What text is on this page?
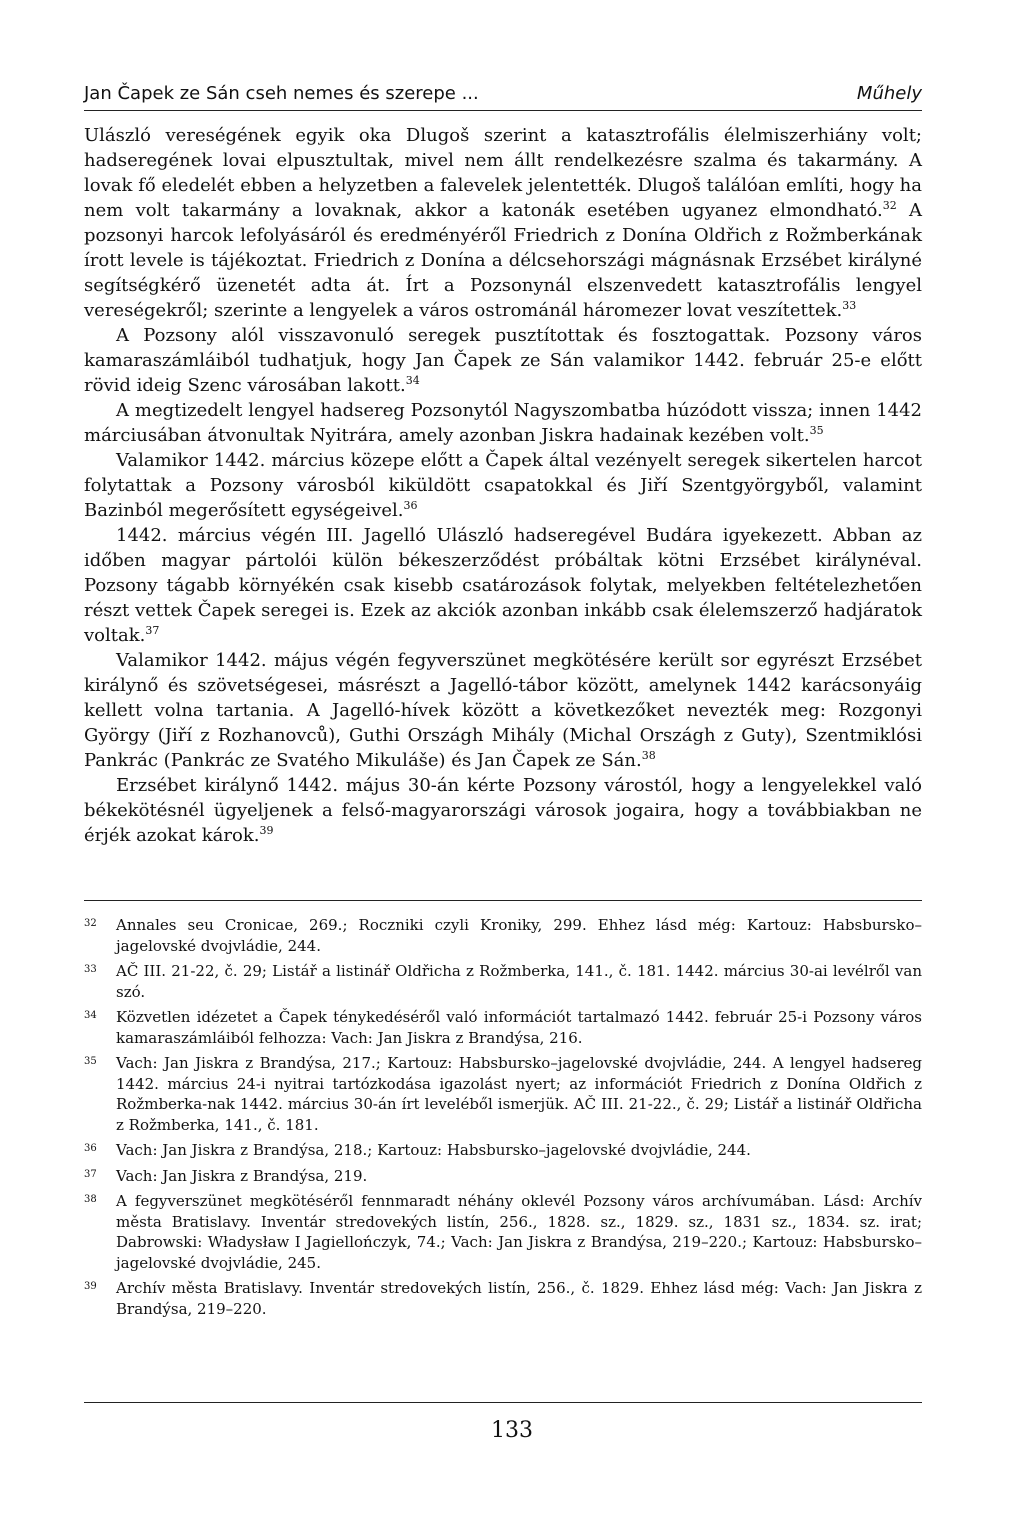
Jan Čapek ze Sán cseh nemes és szerepe ...	Műhely

Ulászló vereségének egyik oka Dlugoš szerint a katasztrofális élelmiszerhiány volt; hadseregének lovai elpusztultak, mivel nem állt rendelkezésre szalma és takarmány. A lovak fő eledelét ebben a helyzetben a falevelek jelentették. Dlugoš találóan említi, hogy ha nem volt takarmány a lovaknak, akkor a katonák esetében ugyanez elmondható.$^{32}$ A pozsonyi harcok lefolyásáról és eredményéről Friedrich z Donína Oldřich z Rožmberkának írott levele is tájékoztat. Friedrich z Donína a délcsehországi mágnásnak Erzsébet királyné segítségkérő üzenetét adta át. Írt a Pozsonynál elszenvedett katasztrofális lengyel vereségekről; szerinte a lengyelek a város ostrománál háromezer lovat veszítettek.$^{33}$

A Pozsony alól visszavonuló seregek pusztítottak és fosztogattak. Pozsony város kamaraszámláiból tudhatjuk, hogy Jan Čapek ze Sán valamikor 1442. február 25-e előtt rövid ideig Szenc városában lakott.$^{34}$

A megtizedelt lengyel hadsereg Pozsonytól Nagyszombatba húzódott vissza; innen 1442 márciusában átvonultak Nyitrára, amely azonban Jiskra hadainak kezében volt.$^{35}$

Valamikor 1442. március közepe előtt a Čapek által vezényelt seregek sikertelen harcot folytattak a Pozsony városból kiküldött csapatokkal és Jiří Szentgyörgyből, valamint Bazinból megerősített egységeivel.$^{36}$

1442. március végén III. Jagelló Ulászló hadseregével Budára igyekezett. Abban az időben magyar pártolói külön békeszerződést próbáltak kötni Erzsébet királynéval. Pozsony tágabb környékén csak kisebb csatározások folytak, melyekben feltételezhetően részt vettek Čapek seregei is. Ezek az akciók azonban inkább csak élelemszerző hadjáratok voltak.$^{37}$

Valamikor 1442. május végén fegyverszünet megkötésére került sor egyrészt Erzsébet királynő és szövetségesei, másrészt a Jagelló-tábor között, amelynek 1442 karácsonyáig kellett volna tartania. A Jagelló-hívek között a következőket nevezték meg: Rozgonyi György (Jiří z Rozhanovců), Guthi Országh Mihály (Michal Országh z Guty), Szentmiklósi Pankrác (Pankrác ze Svatého Mikuláše) és Jan Čapek ze Sán.$^{38}$

Erzsébet királynő 1442. május 30-án kérte Pozsony várostól, hogy a lengyelekkel való békekötésnél ügyeljenek a felső-magyarországi városok jogaira, hogy a továbbiakban ne érjék azokat károk.$^{39}$

32	Annales seu Cronicae, 269.; Roczniki czyli Kroniky, 299. Ehhez lásd még: Kartouz: Habsbursko–jagelovské dvojvládie, 244.
33	AČ III. 21-22, č. 29; Listář a listinář Oldřicha z Rožmberka, 141., č. 181. 1442. március 30-ai levélről van szó.
34	Közvetlen idézetet a Čapek ténykedéséről való információt tartalmazó 1442. február 25-i Pozsony város kamaraszámláiból felhozza: Vach: Jan Jiskra z Brandýsa, 216.
35	Vach: Jan Jiskra z Brandýsa, 217.; Kartouz: Habsbursko–jagelovské dvojvládie, 244. A lengyel hadsereg 1442. március 24-i nyitrai tartózkodása igazolást nyert; az információt Friedrich z Donína Oldřich z Rožmberka-nak 1442. március 30-án írt leveléből ismerjük. AČ III. 21-22., č. 29; Listář a listinář Oldřicha z Rožmberka, 141., č. 181.
36	Vach: Jan Jiskra z Brandýsa, 218.; Kartouz: Habsbursko–jagelovské dvojvládie, 244.
37	Vach: Jan Jiskra z Brandýsa, 219.
38	A fegyverszünet megkötéséről fennmaradt néhány oklevél Pozsony város archívumában. Lásd: Archív města Bratislavy. Inventár stredovekých listín, 256., 1828. sz., 1829. sz., 1831 sz., 1834. sz. irat; Dabrowski: Władysław I Jagiellończyk, 74.; Vach: Jan Jiskra z Brandýsa, 219–220.; Kartouz: Habsbursko–jagelovské dvojvládie, 245.
39	Archív města Bratislavy. Inventár stredovekých listín, 256., č. 1829. Ehhez lásd még: Vach: Jan Jiskra z Brandýsa, 219–220.
133
